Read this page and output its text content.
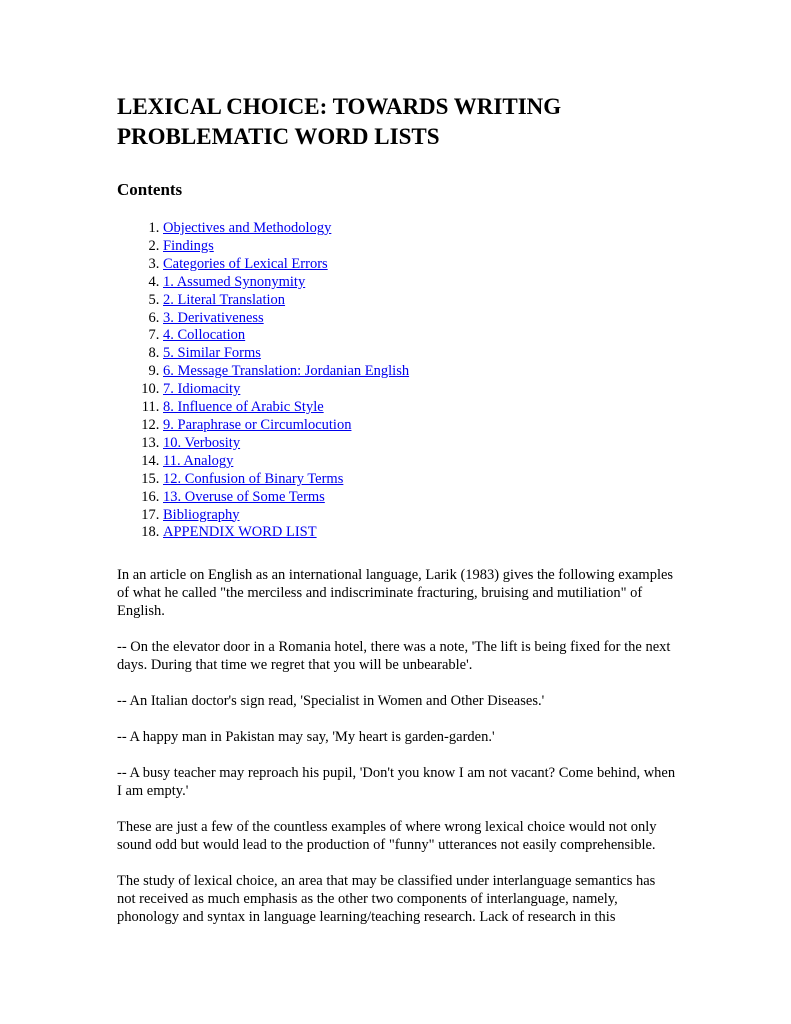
LEXICAL CHOICE: TOWARDS WRITING PROBLEMATIC WORD LISTS
Contents
1. Objectives and Methodology
2. Findings
3. Categories of Lexical Errors
4. 1. Assumed Synonymity
5. 2. Literal Translation
6. 3. Derivativeness
7. 4. Collocation
8. 5. Similar Forms
9. 6. Message Translation: Jordanian English
10. 7. Idiomacity
11. 8. Influence of Arabic Style
12. 9. Paraphrase or Circumlocution
13. 10. Verbosity
14. 11. Analogy
15. 12. Confusion of Binary Terms
16. 13. Overuse of Some Terms
17. Bibliography
18. APPENDIX WORD LIST

In an article on English as an international language, Larik (1983) gives the following examples of what he called "the merciless and indiscriminate fracturing, bruising and mutiliation" of English.

-- On the elevator door in a Romania hotel, there was a note, 'The lift is being fixed for the next days. During that time we regret that you will be unbearable'.

-- An Italian doctor's sign read, 'Specialist in Women and Other Diseases.'

-- A happy man in Pakistan may say, 'My heart is garden-garden.'

-- A busy teacher may reproach his pupil, 'Don't you know I am not vacant? Come behind, when I am empty.'

These are just a few of the countless examples of where wrong lexical choice would not only sound odd but would lead to the production of "funny" utterances not easily comprehensible.

The study of lexical choice, an area that may be classified under interlanguage semantics has not received as much emphasis as the other two components of interlanguage, namely, phonology and syntax in language learning/teaching research. Lack of research in this
